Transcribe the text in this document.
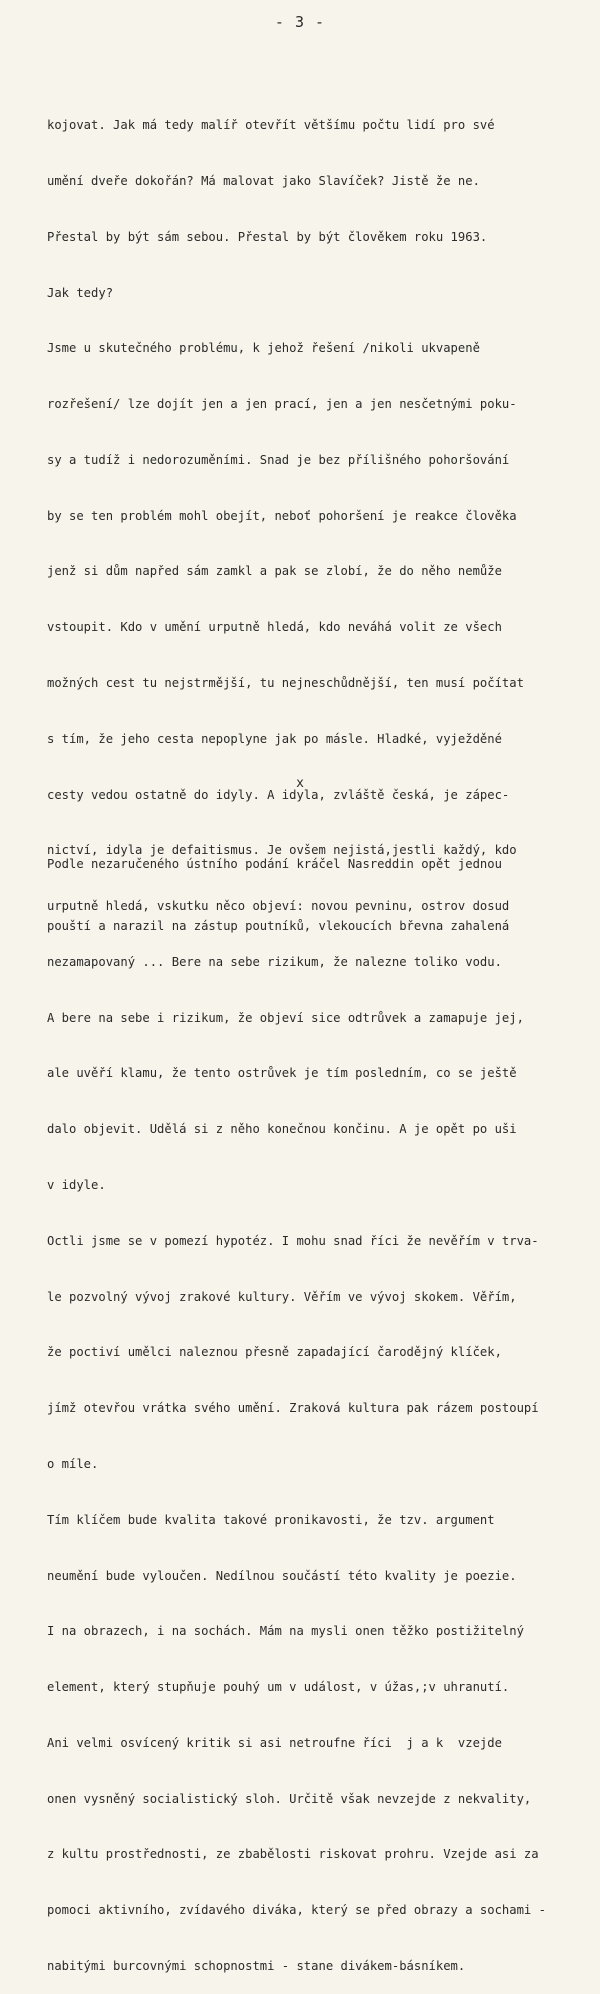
- 3 -

kojovat. Jak má tedy malíř otevřít většímu počtu lidí pro své

umění dveře dokořán? Má malovat jako Slavíček? Jistě že ne.

Přestal by být sám sebou. Přestal by být člověkem roku 1963.

Jak tedy?

Jsme u skutečného problému, k jehož řešení /nikoli ukvapeně

rozřešení/ lze dojít jen a jen prací, jen a jen nesčetnými poku-

sy a tudíž i nedorozuměními. Snad je bez přílišného pohoršování

by se ten problém mohl obejít, neboť pohoršení je reakce člověka

jenž si dům napřed sám zamkl a pak se zlobí, že do něho nemůže

vstoupit. Kdo v umění urputně hledá, kdo neváhá volit ze všech

možných cest tu nejstrmější, tu nejneschůdnější, ten musí počítat

s tím, že jeho cesta nepoplyne jak po másle. Hladké, vyježděné

cesty vedou ostatně do idyly. A idyla, zvláště česká, je zápec-

nictví, idyla je defaitismus. Je ovšem nejistá,jestli každý, kdo

urputně hledá, vskutku něco objeví: novou pevninu, ostrov dosud

nezamapovaný ... Bere na sebe rizikum, že nalezne toliko vodu.

A bere na sebe i rizikum, že objeví sice odtrůvek a zamapuje jej,

ale uvěří klamu, že tento ostrůvek je tím posledním, co se ještě

dalo objevit. Udělá si z něho konečnou končinu. A je opět po uši

v idyle.

Octli jsme se v pomezí hypotéz. I mohu snad říci že nevěřím v trva-

le pozvolný vývoj zrakové kultury. Věřím ve vývoj skokem. Věřím,

že poctiví umělci naleznou přesně zapadající čarodějný klíček,

jímž otevřou vrátka svého umění. Zraková kultura pak rázem postoupí

o míle.

Tím klíčem bude kvalita takové pronikavosti, že tzv. argument

neumění bude vyloučen. Nedílnou součástí této kvality je poezie.

I na obrazech, i na sochách. Mám na mysli onen těžko postižitelný

element, který stupňuje pouhý um v událost, v úžas,;v uhranutí.

Ani velmi osvícený kritik si asi netroufne říci  j a k  vzejde

onen vysněný socialistický sloh. Určitě však nevzejde z nekvality,

z kultu prostřednosti, ze zbabělosti riskovat prohru. Vzejde asi za

pomoci aktivního, zvídavého diváka, který se před obrazy a sochami -

nabitými burcovnými schopnostmi - stane divákem-básníkem.

x

Podle nezaručeného ústního podání kráčel Nasreddin opět jednou

pouští a narazil na zástup poutníků, vlekoucích břevna zahalená
